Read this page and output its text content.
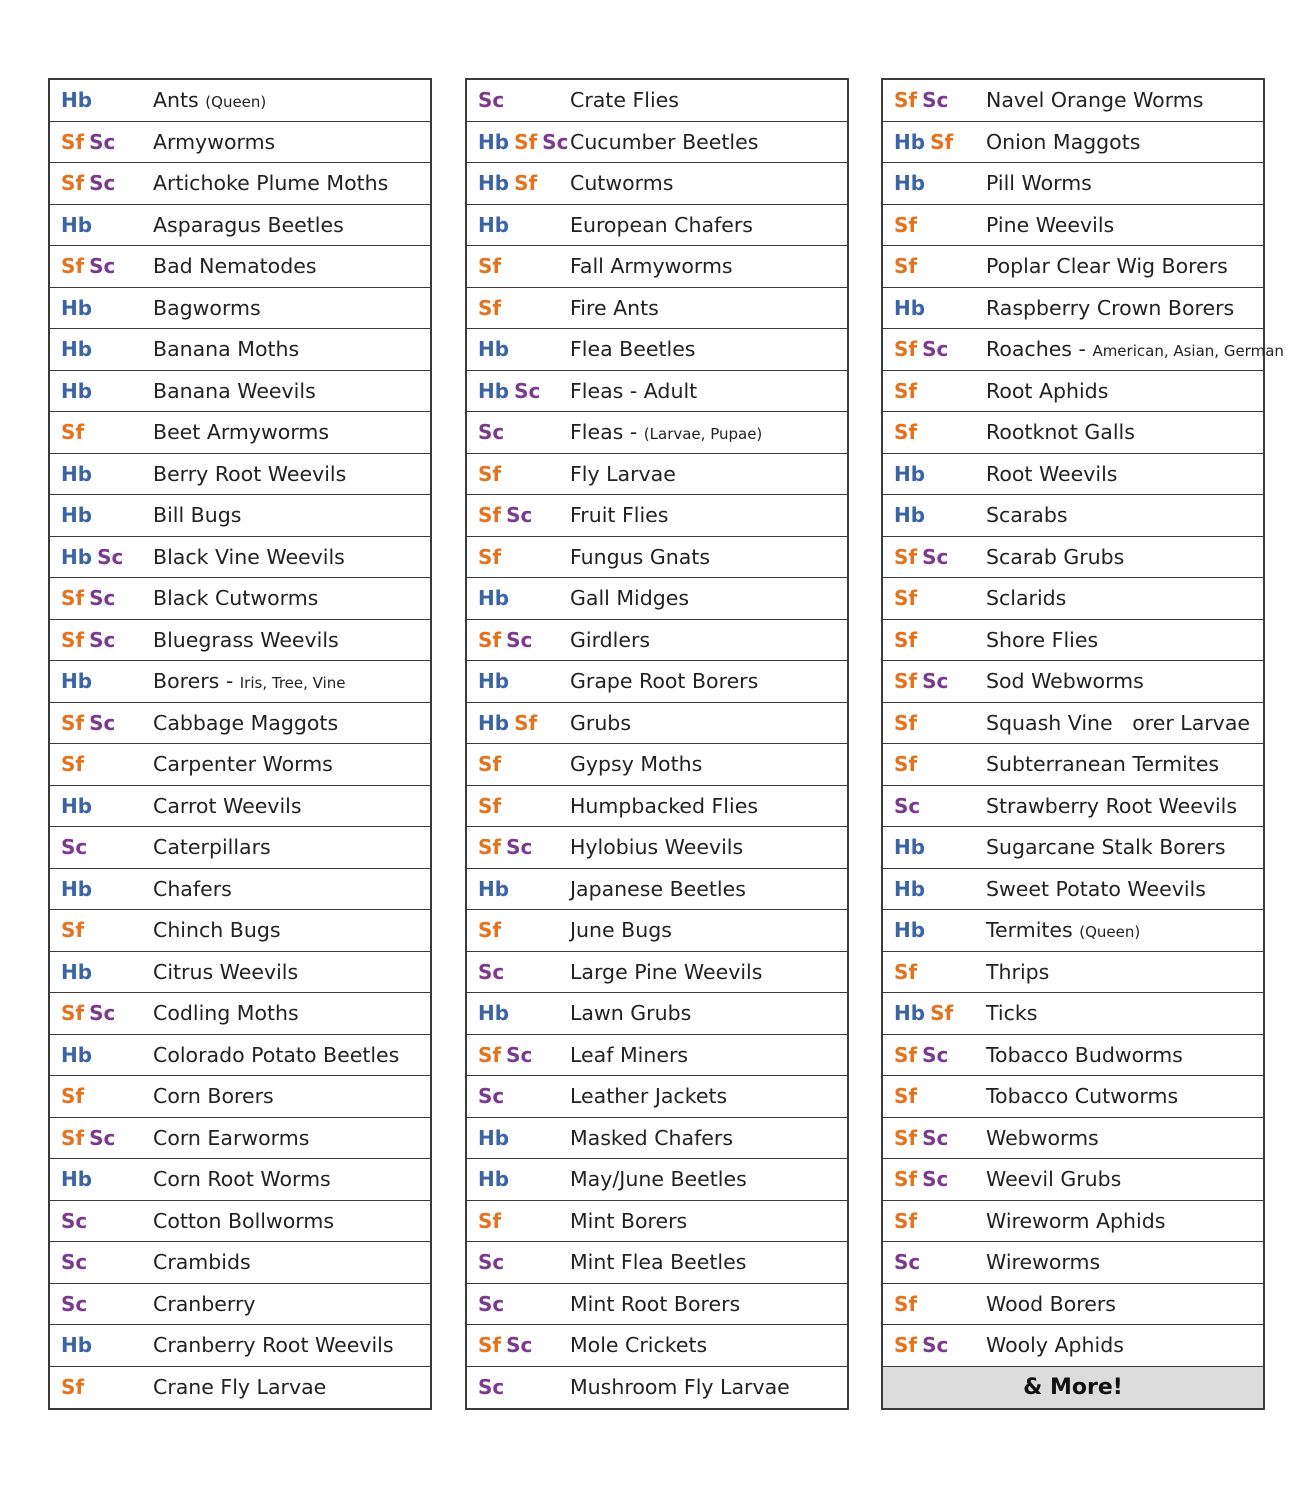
Hb	Ants (Queen)
Sf Sc	Armyworms
Sf Sc	Artichoke Plume Moths
Hb	Asparagus Beetles
Sf Sc	Bad Nematodes
Hb	Bagworms
Hb	Banana Moths
Hb	Banana Weevils
Sf	Beet Armyworms
Hb	Berry Root Weevils
Hb	Bill Bugs
Hb Sc	Black Vine Weevils
Sf Sc	Black Cutworms
Sf Sc	Bluegrass Weevils
Hb	Borers - Iris, Tree, Vine
Sf Sc	Cabbage Maggots
Sf	Carpenter Worms
Hb	Carrot Weevils
Sc	Caterpillars
Hb	Chafers
Sf	Chinch Bugs
Hb	Citrus Weevils
Sf Sc	Codling Moths
Hb	Colorado Potato Beetles
Sf	Corn Borers
Sf Sc	Corn Earworms
Hb	Corn Root Worms
Sc	Cotton Bollworms
Sc	Crambids
Sc	Cranberry
Hb	Cranberry Root Weevils
Sf	Crane Fly Larvae
Sc	Crate Flies
Hb Sf Sc Cucumber Beetles
Hb Sf	Cutworms
Hb	European Chafers
Sf	Fall Armyworms
Sf	Fire Ants
Hb	Flea Beetles
Hb Sc	Fleas - Adult
Sc	Fleas - (Larvae, Pupae)
Sf	Fly Larvae
Sf Sc	Fruit Flies
Sf	Fungus Gnats
Hb	Gall Midges
Sf Sc	Girdlers
Hb	Grape Root Borers
Hb Sf	Grubs
Sf	Gypsy Moths
Sf	Humpbacked Flies
Sf Sc	Hylobius Weevils
Hb	Japanese Beetles
Sf	June Bugs
Sc	Large Pine Weevils
Hb	Lawn Grubs
Sf Sc	Leaf Miners
Sc	Leather Jackets
Hb	Masked Chafers
Hb	May/June Beetles
Sf	Mint Borers
Sc	Mint Flea Beetles
Sc	Mint Root Borers
Sf Sc	Mole Crickets
Sc	Mushroom Fly Larvae
Sf Sc	Navel Orange Worms
Hb Sf	Onion Maggots
Hb	Pill Worms
Sf	Pine Weevils
Sf	Poplar Clear Wig Borers
Hb	Raspberry Crown Borers
Sf Sc	Roaches - American, Asian, German
Sf	Root Aphids
Sf	Rootknot Galls
Hb	Root Weevils
Hb	Scarabs
Sf Sc	Scarab Grubs
Sf	Sclarids
Sf	Shore Flies
Sf Sc	Sod Webworms
Sf	Squash Vine   orer Larvae
Sf	Subterranean Termites
Sc	Strawberry Root Weevils
Hb	Sugarcane Stalk Borers
Hb	Sweet Potato Weevils
Hb	Termites (Queen)
Sf	Thrips
Hb Sf	Ticks
Sf Sc	Tobacco Budworms
Sf	Tobacco Cutworms
Sf Sc	Webworms
Sf Sc	Weevil Grubs
Sf	Wireworm Aphids
Sc	Wireworms
Sf	Wood Borers
Sf Sc	Wooly Aphids
& More!
